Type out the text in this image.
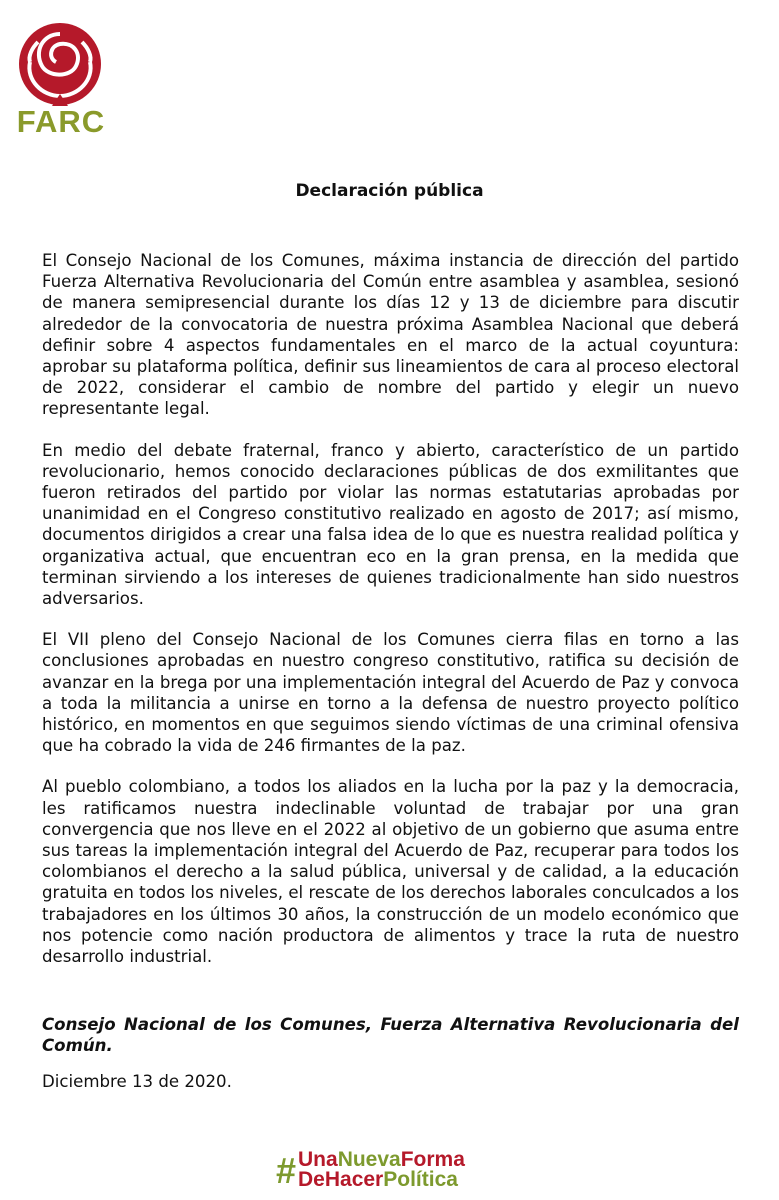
FARC
Declaración pública

El Consejo Nacional de los Comunes, máxima instancia de dirección del partido Fuerza Alternativa Revolucionaria del Común entre asamblea y asamblea, sesionó de manera semipresencial durante los días 12 y 13 de diciembre para discutir alrededor de la convocatoria de nuestra próxima Asamblea Nacional que deberá definir sobre 4 aspectos fundamentales en el marco de la actual coyuntura: aprobar su plataforma política, definir sus lineamientos de cara al proceso electoral de 2022, considerar el cambio de nombre del partido y elegir un nuevo representante legal.

En medio del debate fraternal, franco y abierto, característico de un partido revolucionario, hemos conocido declaraciones públicas de dos exmilitantes que fueron retirados del partido por violar las normas estatutarias aprobadas por unanimidad en el Congreso constitutivo realizado en agosto de 2017; así mismo, documentos dirigidos a crear una falsa idea de lo que es nuestra realidad política y organizativa actual, que encuentran eco en la gran prensa, en la medida que terminan sirviendo a los intereses de quienes tradicionalmente han sido nuestros adversarios.

El VII pleno del Consejo Nacional de los Comunes cierra filas en torno a las conclusiones aprobadas en nuestro congreso constitutivo, ratifica su decisión de avanzar en la brega por una implementación integral del Acuerdo de Paz y convoca a toda la militancia a unirse en torno a la defensa de nuestro proyecto político histórico, en momentos en que seguimos siendo víctimas de una criminal ofensiva que ha cobrado la vida de 246 firmantes de la paz.

Al pueblo colombiano, a todos los aliados en la lucha por la paz y la democracia, les ratificamos nuestra indeclinable voluntad de trabajar por una gran convergencia que nos lleve en el 2022 al objetivo de un gobierno que asuma entre sus tareas la implementación integral del Acuerdo de Paz, recuperar para todos los colombianos el derecho a la salud pública, universal y de calidad, a la educación gratuita en todos los niveles, el rescate de los derechos laborales conculcados a los trabajadores en los últimos 30 años, la construcción de un modelo económico que nos potencie como nación productora de alimentos y trace la ruta de nuestro desarrollo industrial.

Consejo Nacional de los Comunes, Fuerza Alternativa Revolucionaria del Común.
Diciembre 13 de 2020.
# UnaNuevaForma
DeHacerPolítica
